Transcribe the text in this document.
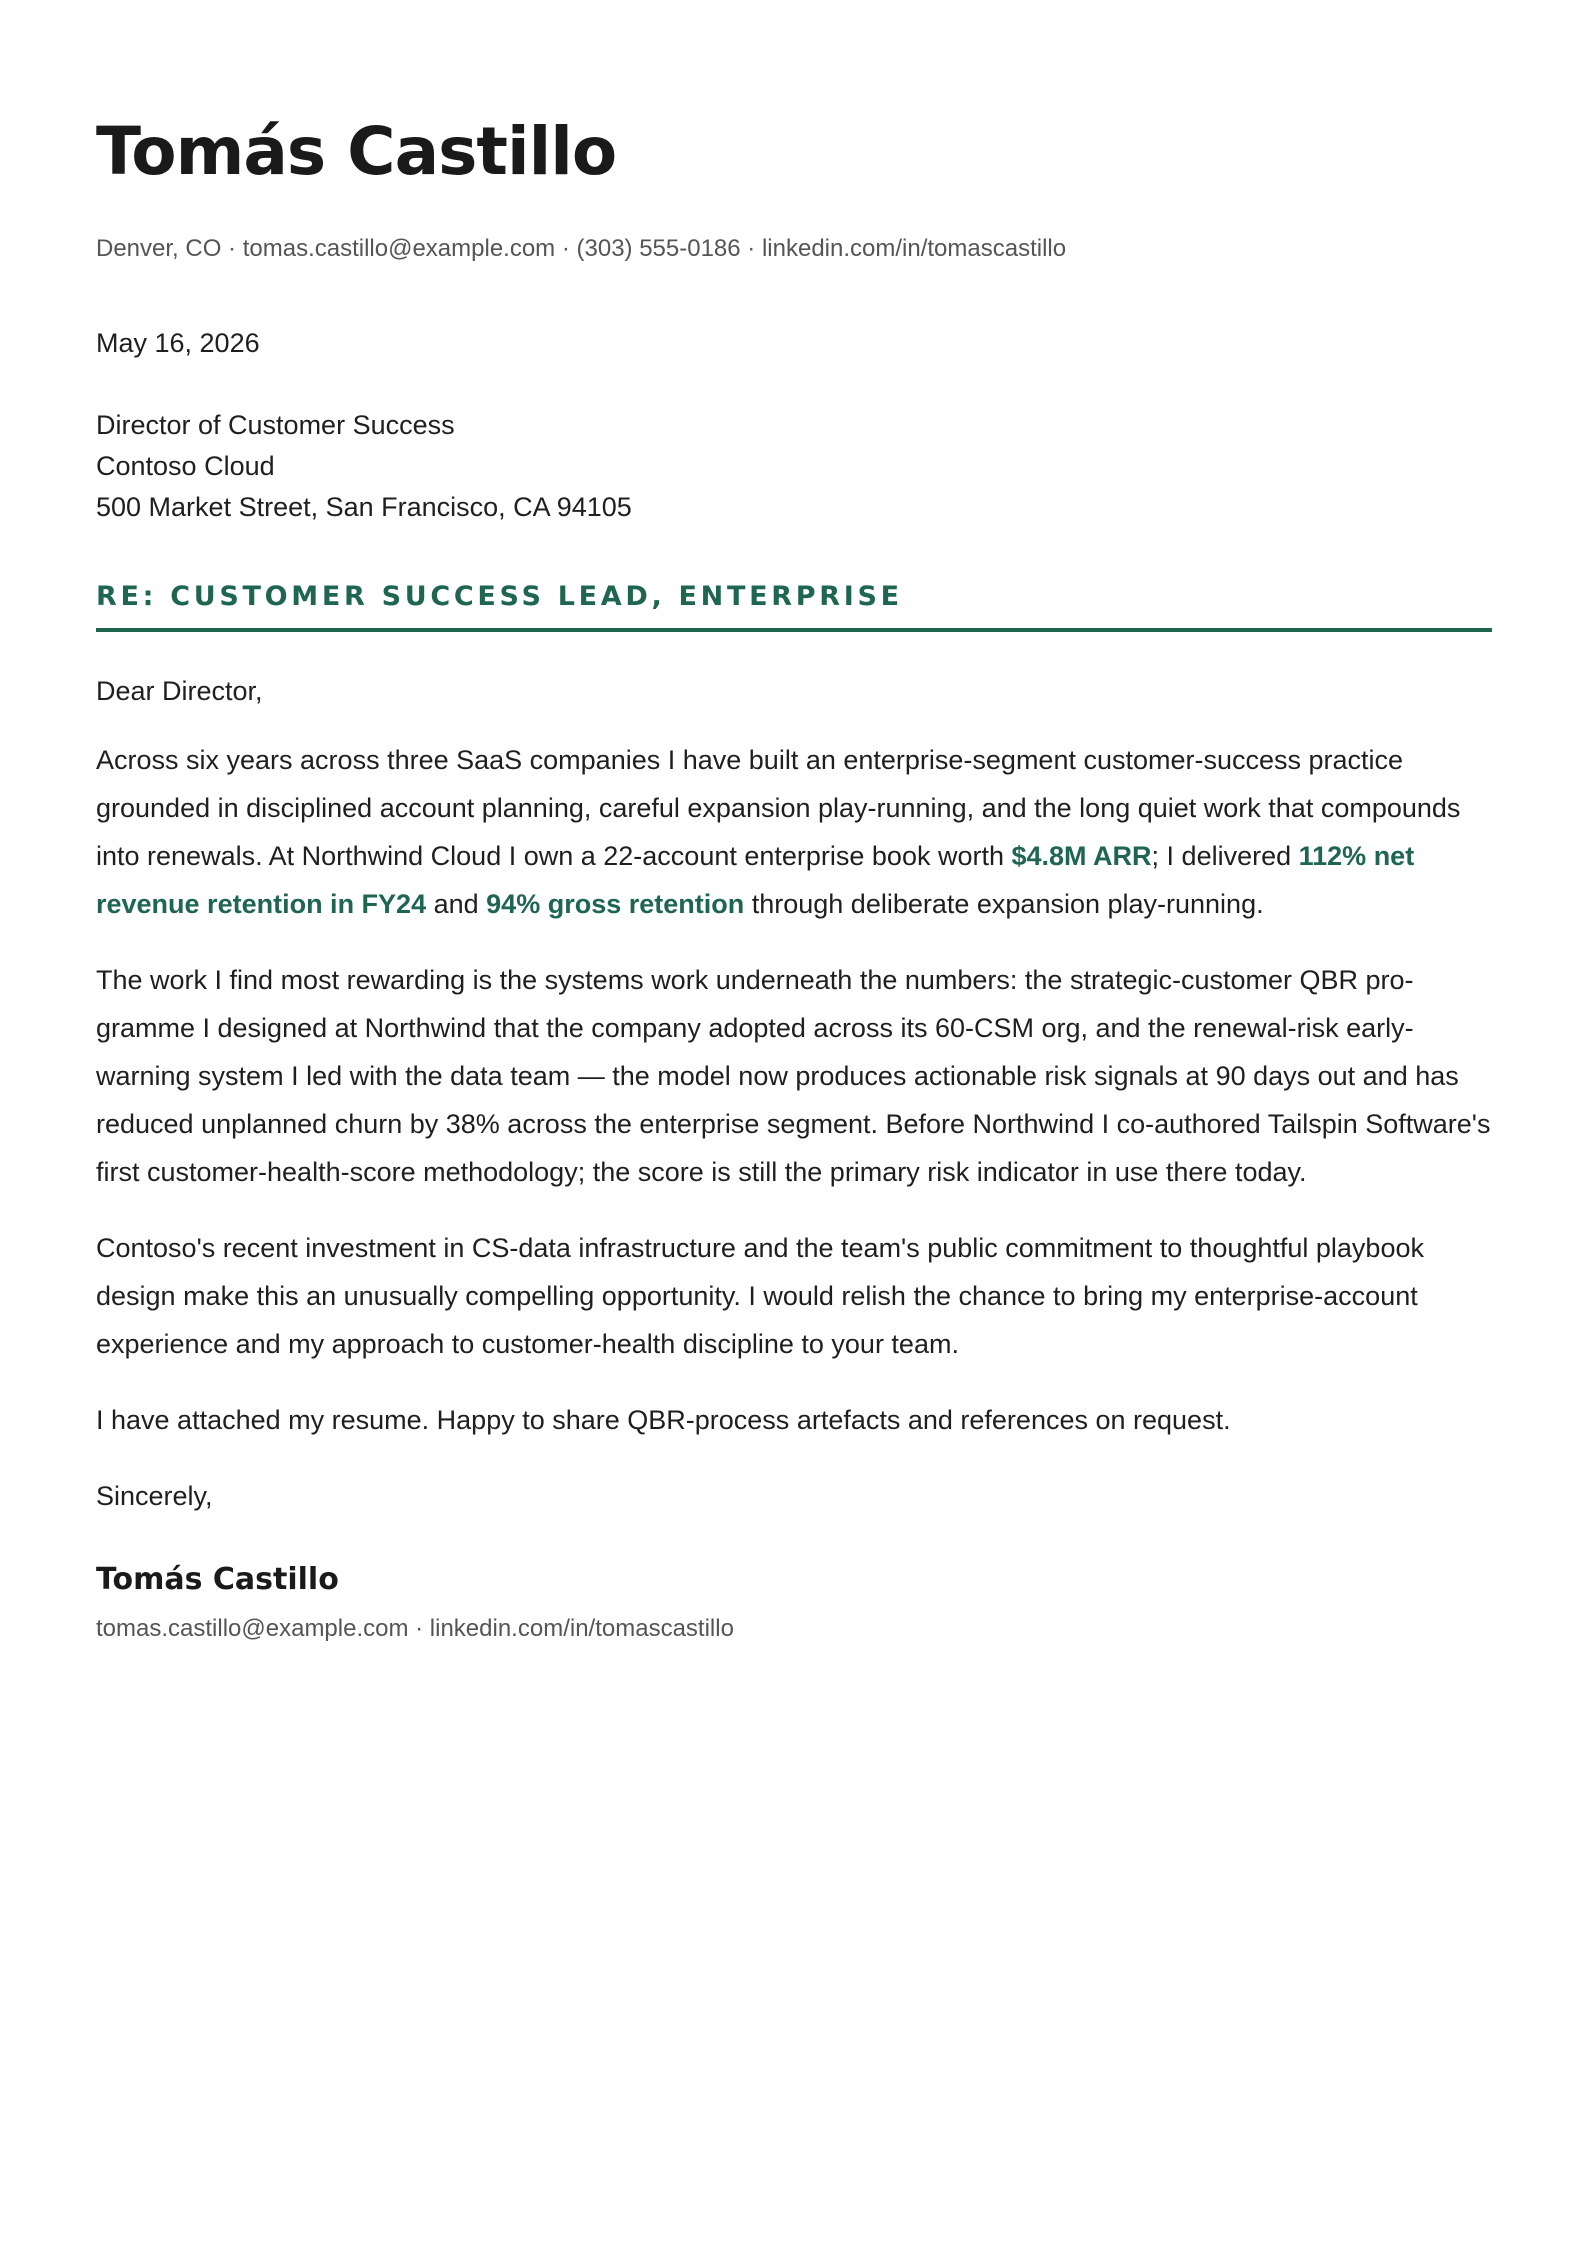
Tomás Castillo
Denver, CO · tomas.castillo@example.com · (303) 555-0186 · linkedin.com/in/tomascastillo
May 16, 2026
Director of Customer Success
Contoso Cloud
500 Market Street, San Francisco, CA 94105
RE: CUSTOMER SUCCESS LEAD, ENTERPRISE
Dear Director,

Across six years across three SaaS companies I have built an enterprise-segment customer-success practice grounded in disciplined account planning, careful expansion play-running, and the long quiet work that compounds into renewals. At Northwind Cloud I own a 22-account enterprise book worth $4.8M ARR; I delivered 112% net revenue retention in FY24 and 94% gross retention through deliberate expansion play-running.

The work I find most rewarding is the systems work underneath the numbers: the strategic-customer QBR programme I designed at Northwind that the company adopted across its 60-CSM org, and the renewal-risk early-warning system I led with the data team — the model now produces actionable risk signals at 90 days out and has reduced unplanned churn by 38% across the enterprise segment. Before Northwind I co-authored Tailspin Software's first customer-health-score methodology; the score is still the primary risk indicator in use there today.

Contoso's recent investment in CS-data infrastructure and the team's public commitment to thoughtful playbook design make this an unusually compelling opportunity. I would relish the chance to bring my enterprise-account experience and my approach to customer-health discipline to your team.

I have attached my resume. Happy to share QBR-process artefacts and references on request.

Sincerely,
Tomás Castillo
tomas.castillo@example.com · linkedin.com/in/tomascastillo
